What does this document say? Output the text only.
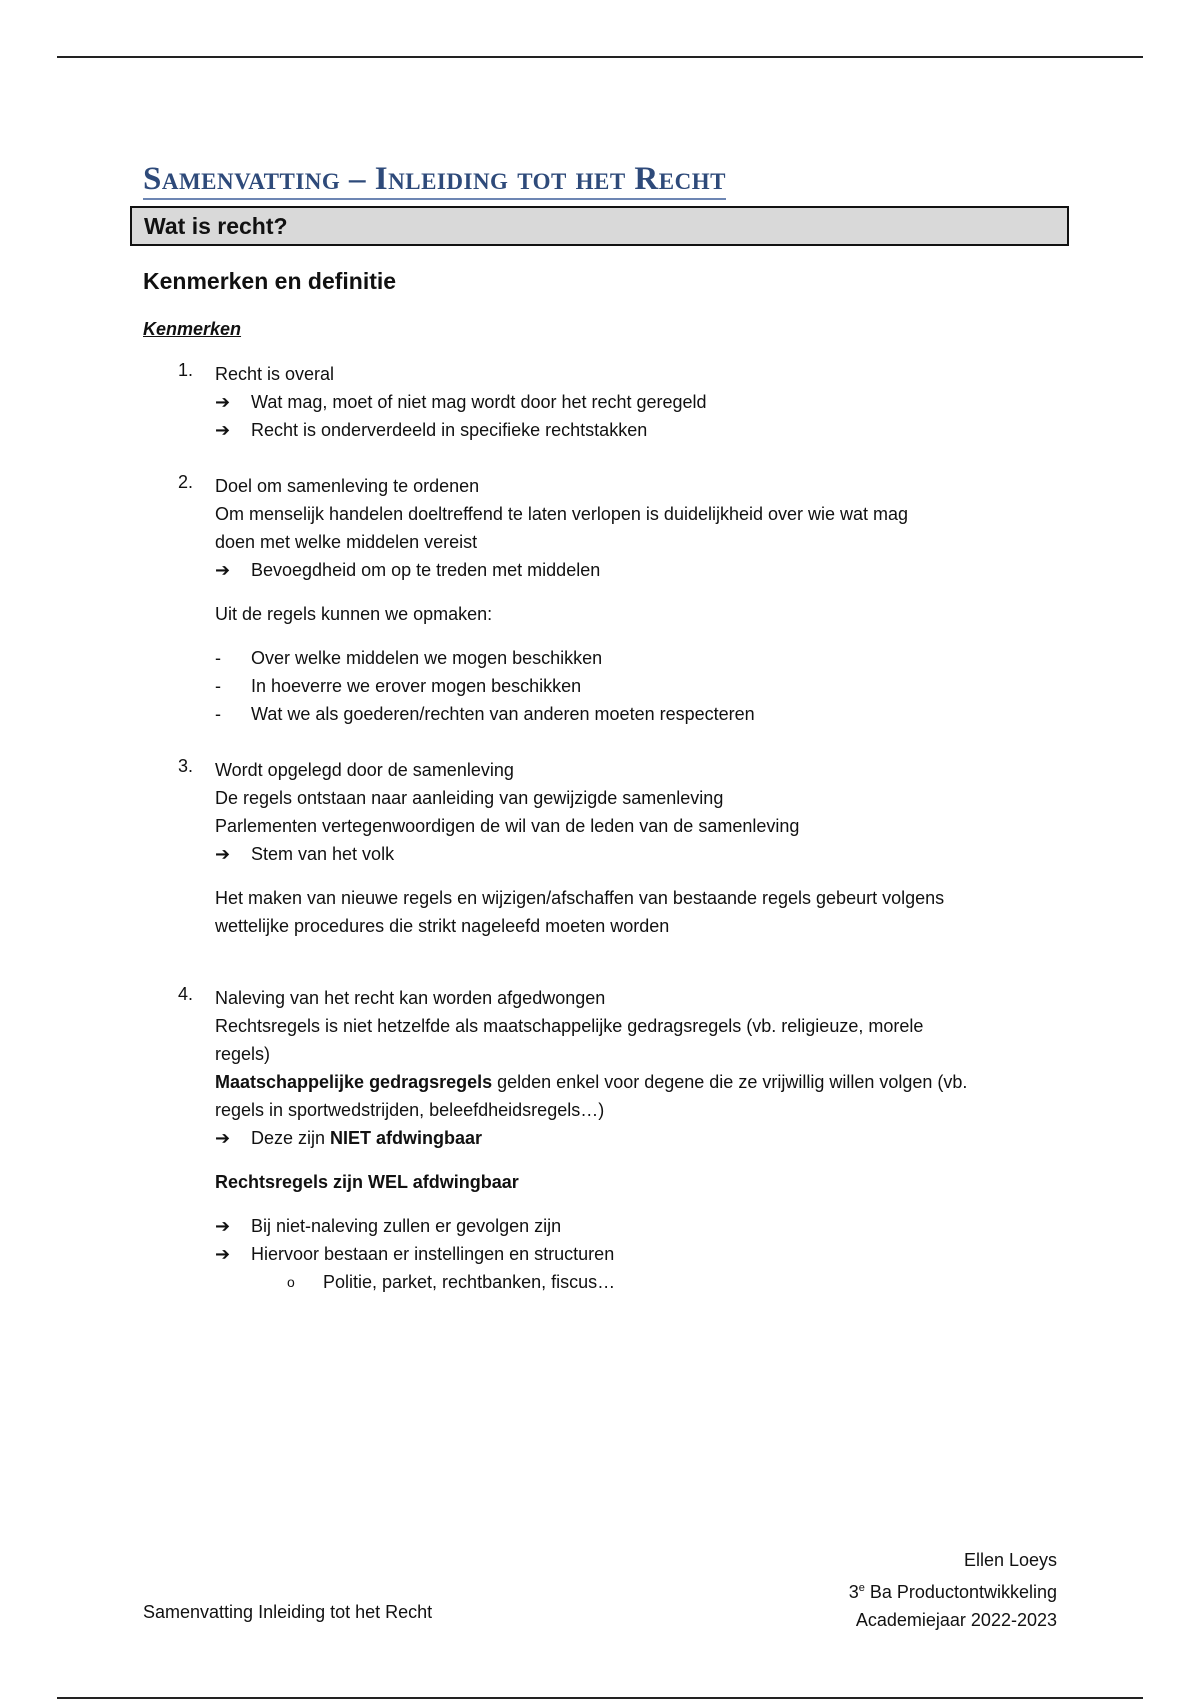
Samenvatting – Inleiding tot het Recht
Wat is recht?
Kenmerken en definitie
Kenmerken
1. Recht is overal
➔ Wat mag, moet of niet mag wordt door het recht geregeld
➔ Recht is onderverdeeld in specifieke rechtstakken
2. Doel om samenleving te ordenen
Om menselijk handelen doeltreffend te laten verlopen is duidelijkheid over wie wat mag
doen met welke middelen vereist
➔ Bevoegdheid om op te treden met middelen
Uit de regels kunnen we opmaken:
- Over welke middelen we mogen beschikken
- In hoeverre we erover mogen beschikken
- Wat we als goederen/rechten van anderen moeten respecteren
3. Wordt opgelegd door de samenleving
De regels ontstaan naar aanleiding van gewijzigde samenleving
Parlementen vertegenwoordigen de wil van de leden van de samenleving
➔ Stem van het volk
Het maken van nieuwe regels en wijzigen/afschaffen van bestaande regels gebeurt volgens
wettelijke procedures die strikt nageleefd moeten worden
4. Naleving van het recht kan worden afgedwongen
Rechtsregels is niet hetzelfde als maatschappelijke gedragsregels (vb. religieuze, morele
regels)
Maatschappelijke gedragsregels gelden enkel voor degene die ze vrijwillig willen volgen (vb.
regels in sportwedstrijden, beleefdheidsregels…)
➔ Deze zijn NIET afdwingbaar
Rechtsregels zijn WEL afdwingbaar
➔ Bij niet-naleving zullen er gevolgen zijn
➔ Hiervoor bestaan er instellingen en structuren
o Politie, parket, rechtbanken, fiscus…
Ellen Loeys
3e Ba Productontwikkeling
Academiejaar 2022-2023
Samenvatting Inleiding tot het Recht
